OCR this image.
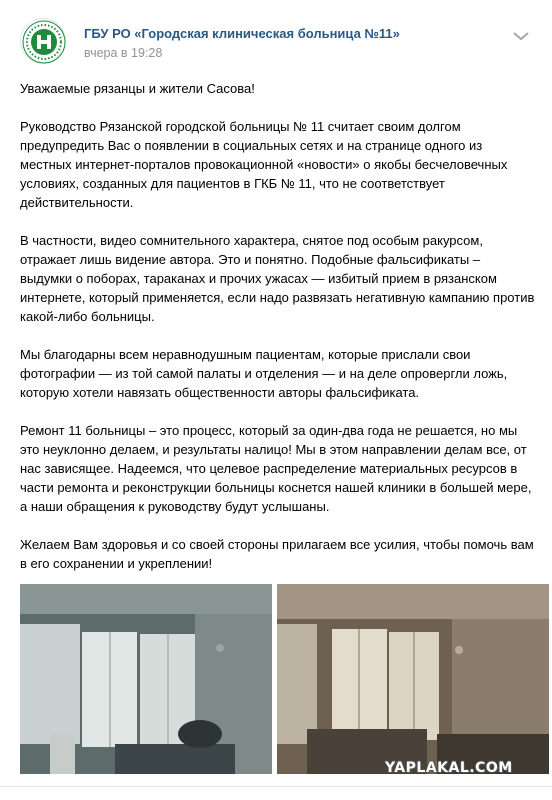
ГБУ РО «Городская клиническая больница №11»
вчера в 19:28

Уважаемые рязанцы и жители Сасова!

Руководство Рязанской городской больницы № 11 считает своим долгом предупредить Вас о появлении в социальных сетях и на странице одного из местных интернет-порталов провокационной «новости» о якобы бесчеловечных условиях, созданных для пациентов в ГКБ № 11, что не соответствует действительности.

В частности, видео сомнительного характера, снятое под особым ракурсом, отражает лишь видение автора. Это и понятно. Подобные фальсификаты – выдумки о поборах, тараканах и прочих ужасах — избитый прием в рязанском интернете, который применяется, если надо развязать негативную кампанию против какой-либо больницы.

Мы благодарны всем неравнодушным пациентам, которые прислали свои фотографии — из той самой палаты и отделения — и на деле опровергли ложь, которую хотели навязать общественности авторы фальсификата.

Ремонт 11 больницы – это процесс, который за один-два года не решается, но мы это неуклонно делаем, и результаты налицо! Мы в этом направлении делам все, от нас зависящее. Надеемся, что целевое распределение материальных ресурсов в части ремонта и реконструкции больницы коснется нашей клиники в большей мере, а наши обращения к руководству будут услышаны.

Желаем Вам здоровья и со своей стороны прилагаем все усилия, чтобы помочь вам в его сохранении и укреплении!

YAPLAKAL.COM
